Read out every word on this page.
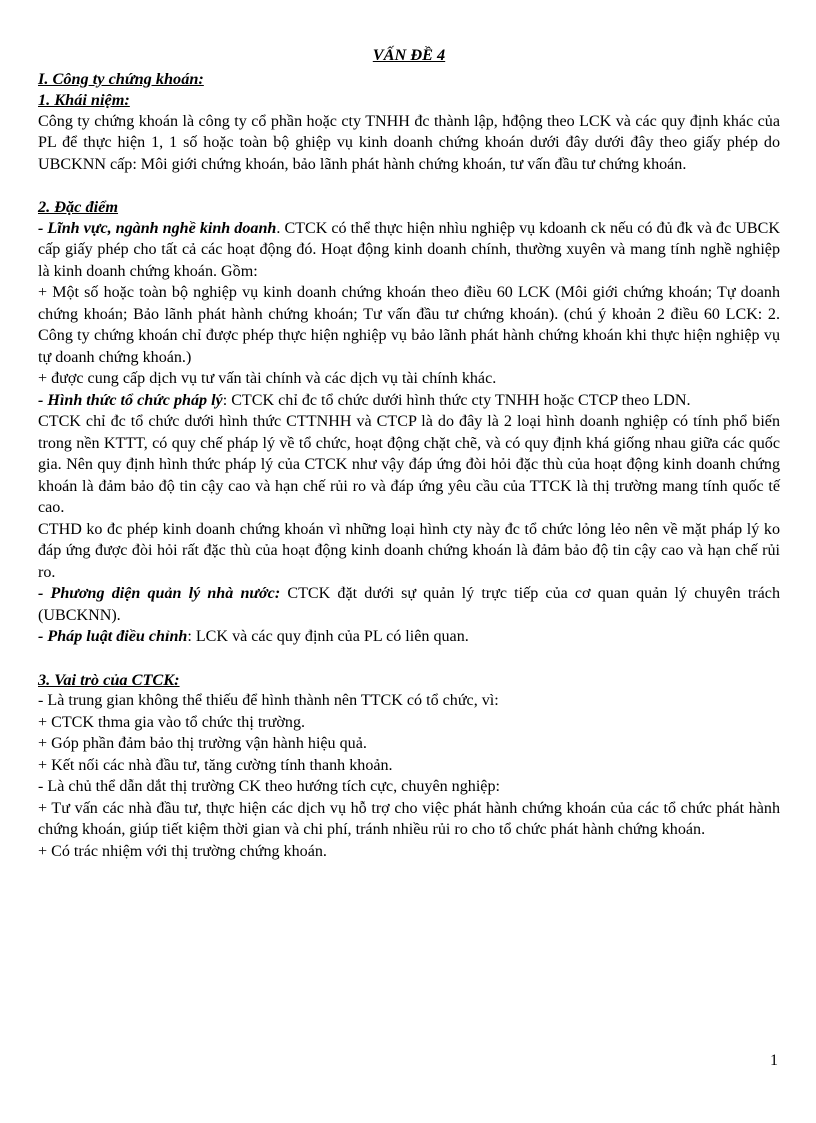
VẤN ĐỀ 4
I. Công ty chứng khoán:
1. Khái niệm:

Công ty chứng khoán là công ty cổ phần hoặc cty TNHH đc thành lập, hđộng theo LCK và các quy định khác của PL để thực hiện 1, 1 số hoặc toàn bộ ghiệp vụ kinh doanh chứng khoán dưới đây dưới đây theo giấy phép do UBCKNN cấp: Môi giới chứng khoán, bảo lãnh phát hành chứng khoán, tư vấn đầu tư chứng khoán.

2. Đặc điểm

- Lĩnh vực, ngành nghề kinh doanh. CTCK có thể thực hiện nhìu nghiệp vụ kdoanh ck nếu có đủ đk và đc UBCK cấp giấy phép cho tất cả các hoạt động đó. Hoạt động kinh doanh chính, thường xuyên và mang tính nghề nghiệp là kinh doanh chứng khoán. Gồm:

+ Một số hoặc toàn bộ nghiệp vụ kinh doanh chứng khoán theo điều 60 LCK (Môi giới chứng khoán; Tự doanh chứng khoán; Bảo lãnh phát hành chứng khoán; Tư vấn đầu tư chứng khoán). (chú ý khoản 2 điều 60 LCK: 2. Công ty chứng khoán chỉ được phép thực hiện nghiệp vụ bảo lãnh phát hành chứng khoán khi thực hiện nghiệp vụ tự doanh chứng khoán.)

+ được cung cấp dịch vụ tư vấn tài chính và các dịch vụ tài chính khác.

- Hình thức tổ chức pháp lý: CTCK chỉ đc tổ chức dưới hình thức cty TNHH hoặc CTCP theo LDN.

CTCK chỉ đc tổ chức dưới hình thức CTTNHH và CTCP là do đây là 2 loại hình doanh nghiệp có tính phổ biến trong nền KTTT, có quy chế pháp lý về tổ chức, hoạt động chặt chẽ, và có quy định khá giống nhau giữa các quốc gia. Nên quy định hình thức pháp lý của CTCK như vậy đáp ứng đòi hỏi đặc thù của hoạt động kinh doanh chứng khoán là đảm bảo độ tin cậy cao và hạn chế rủi ro và đáp ứng yêu cầu của TTCK là thị trường mang tính quốc tế cao.

CTHD ko đc phép kinh doanh chứng khoán vì những loại hình cty này đc tổ chức lỏng lẻo nên về mặt pháp lý ko đáp ứng được đòi hỏi rất đặc thù của hoạt động kinh doanh chứng khoán là đảm bảo độ tin cậy cao và hạn chế rủi ro.

- Phương diện quản lý nhà nước: CTCK đặt dưới sự quản lý trực tiếp của cơ quan quản lý chuyên trách (UBCKNN).

- Pháp luật điều chỉnh: LCK và các quy định của PL có liên quan.

3. Vai trò của CTCK:

- Là trung gian không thể thiếu để hình thành nên TTCK có tổ chức, vì:

+ CTCK thma gia vào tổ chức thị trường.

+ Góp phần đảm bảo thị trường vận hành hiệu quả.

+ Kết nối các nhà đầu tư, tăng cường tính thanh khoản.

- Là chủ thể dẫn dắt thị trường CK theo hướng tích cực, chuyên nghiệp:

+ Tư vấn các nhà đầu tư, thực hiện các dịch vụ hỗ trợ cho việc phát hành chứng khoán của các tổ chức phát hành chứng khoán, giúp tiết kiệm thời gian và chi phí, tránh nhiều rủi ro cho tổ chức phát hành chứng khoán.

+ Có trác nhiệm với thị trường chứng khoán.

1
